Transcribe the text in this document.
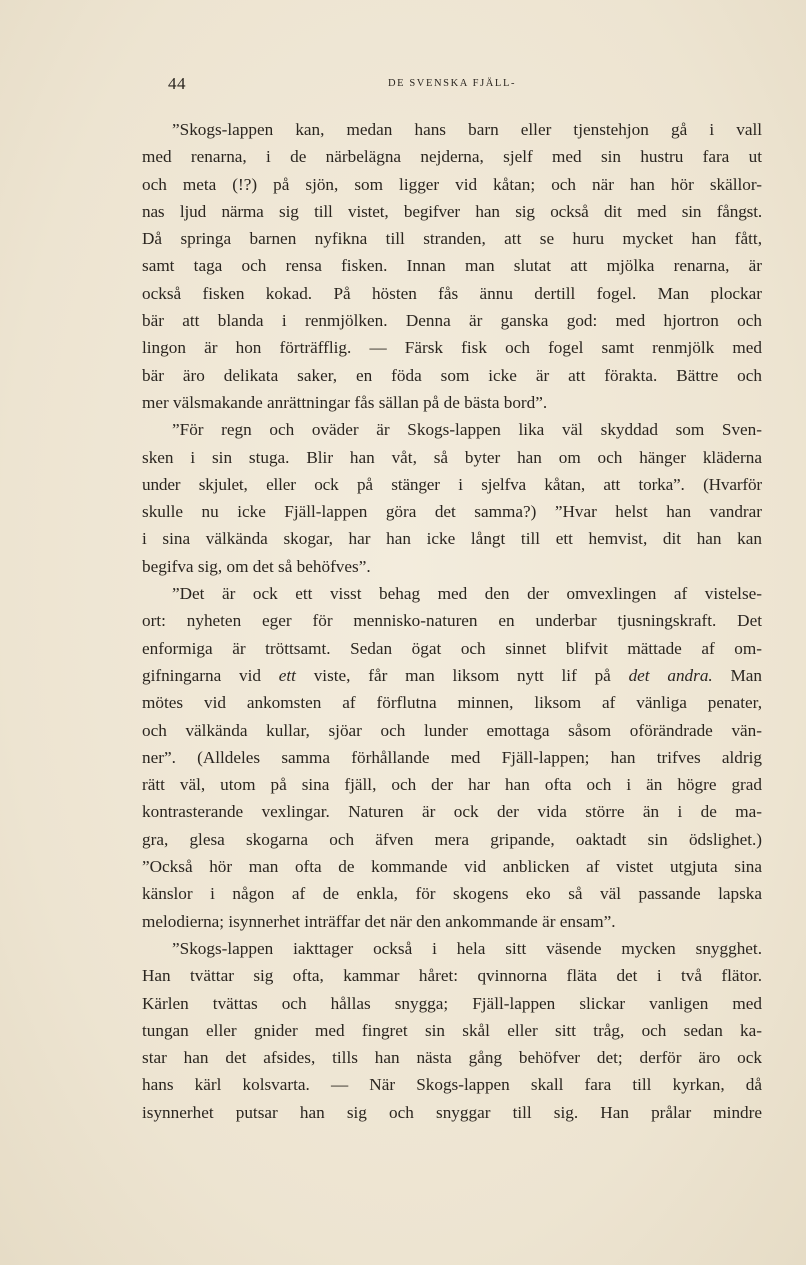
44	DE SVENSKA FJÄLL-
”Skogs-lappen kan, medan hans barn eller tjenstehjon gå i vall
med renarna, i de närbelägna nejderna, sjelf med sin hustru fara ut
och meta (!?) på sjön, som ligger vid kåtan; och när han hör skällor-
nas ljud närma sig till vistet, begifver han sig också dit med sin fångst.
Då springa barnen nyfikna till stranden, att se huru mycket han fått,
samt taga och rensa fisken. Innan man slutat att mjölka renarna, är
också fisken kokad. På hösten fås ännu dertill fogel. Man plockar
bär att blanda i renmjölken. Denna är ganska god: med hjortron och
lingon är hon förträfflig. — Färsk fisk och fogel samt renmjölk med
bär äro delikata saker, en föda som icke är att förakta. Bättre och
mer välsmakande anrättningar fås sällan på de bästa bord”.
”För regn och oväder är Skogs-lappen lika väl skyddad som Sven-
sken i sin stuga. Blir han våt, så byter han om och hänger kläderna
under skjulet, eller ock på stänger i sjelfva kåtan, att torka”. (Hvarför
skulle nu icke Fjäll-lappen göra det samma?) ”Hvar helst han vandrar
i sina välkända skogar, har han icke långt till ett hemvist, dit han kan
begifva sig, om det så behöfves”.
”Det är ock ett visst behag med den der omvexlingen af vistelse-
ort: nyheten eger för mennisko-naturen en underbar tjusningskraft. Det
enformiga är tröttsamt. Sedan ögat och sinnet blifvit mättade af om-
gifningarna vid ett viste, får man liksom nytt lif på det andra. Man
mötes vid ankomsten af förflutna minnen, liksom af vänliga penater,
och välkända kullar, sjöar och lunder emottaga såsom oförändrade vän-
ner”. (Alldeles samma förhållande med Fjäll-lappen; han trifves aldrig
rätt väl, utom på sina fjäll, och der har han ofta och i än högre grad
kontrasterande vexlingar. Naturen är ock der vida större än i de ma-
gra, glesa skogarna och äfven mera gripande, oaktadt sin ödslighet.)
”Också hör man ofta de kommande vid anblicken af vistet utgjuta sina
känslor i någon af de enkla, för skogens eko så väl passande lapska
melodierna; isynnerhet inträffar det när den ankommande är ensam”.
”Skogs-lappen iakttager också i hela sitt väsende mycken snygghet.
Han tvättar sig ofta, kammar håret: qvinnorna fläta det i två flätor.
Kärlen tvättas och hållas snygga; Fjäll-lappen slickar vanligen med
tungan eller gnider med fingret sin skål eller sitt tråg, och sedan ka-
star han det afsides, tills han nästa gång behöfver det; derför äro ock
hans kärl kolsvarta. — När Skogs-lappen skall fara till kyrkan, då
isynnerhet putsar han sig och snyggar till sig. Han prålar mindre
